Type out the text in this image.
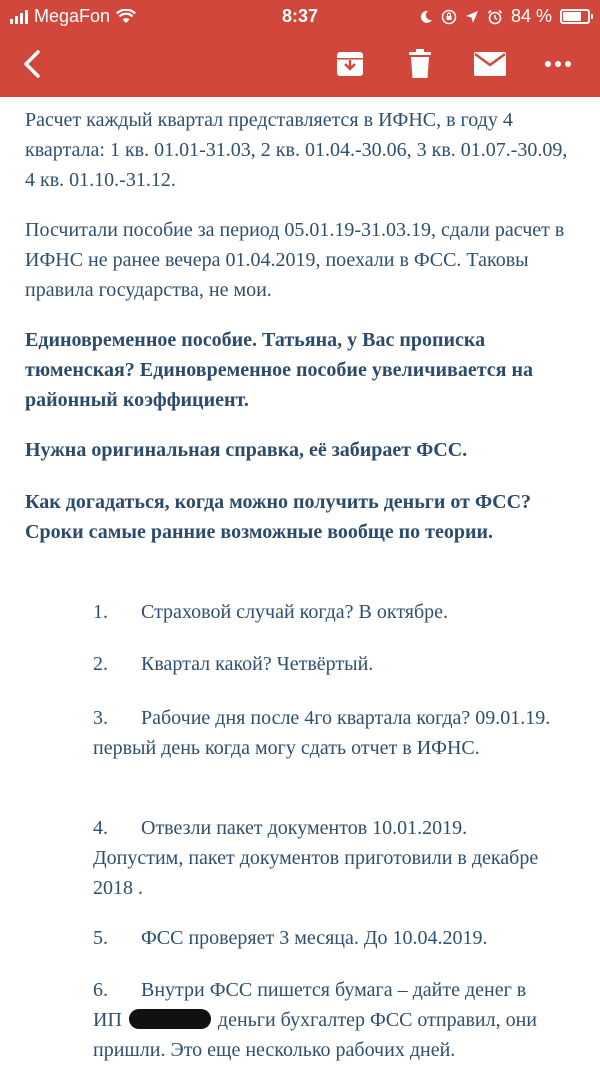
MegaFon	8:37	84 %

Расчет каждый квартал представляется в ИФНС, в году 4 квартала: 1 кв. 01.01-31.03, 2 кв. 01.04.-30.06, 3 кв. 01.07.-30.09, 4 кв. 01.10.-31.12.

Посчитали пособие за период 05.01.19-31.03.19, сдали расчет в ИФНС не ранее вечера 01.04.2019, поехали в ФСС. Таковы правила государства, не мои.

Единовременное пособие. Татьяна, у Вас прописка тюменская? Единовременное пособие увеличивается на районный коэффициент.

Нужна оригинальная справка, её забирает ФСС.

Как догадаться, когда можно получить деньги от ФСС? Сроки самые ранние возможные вообще по теории.

1. Страховой случай когда? В октябре.

2. Квартал какой? Четвёртый.

3. Рабочие дня после 4го квартала когда? 09.01.19. первый день когда могу сдать отчет в ИФНС.

4. Отвезли пакет документов 10.01.2019. Допустим, пакет документов приготовили в декабре 2018 .

5. ФСС проверяет 3 месяца. До 10.04.2019.

6. Внутри ФСС пишется бумага – дайте денег в ИП	деньги бухгалтер ФСС отправил, они пришли. Это еще несколько рабочих дней.
